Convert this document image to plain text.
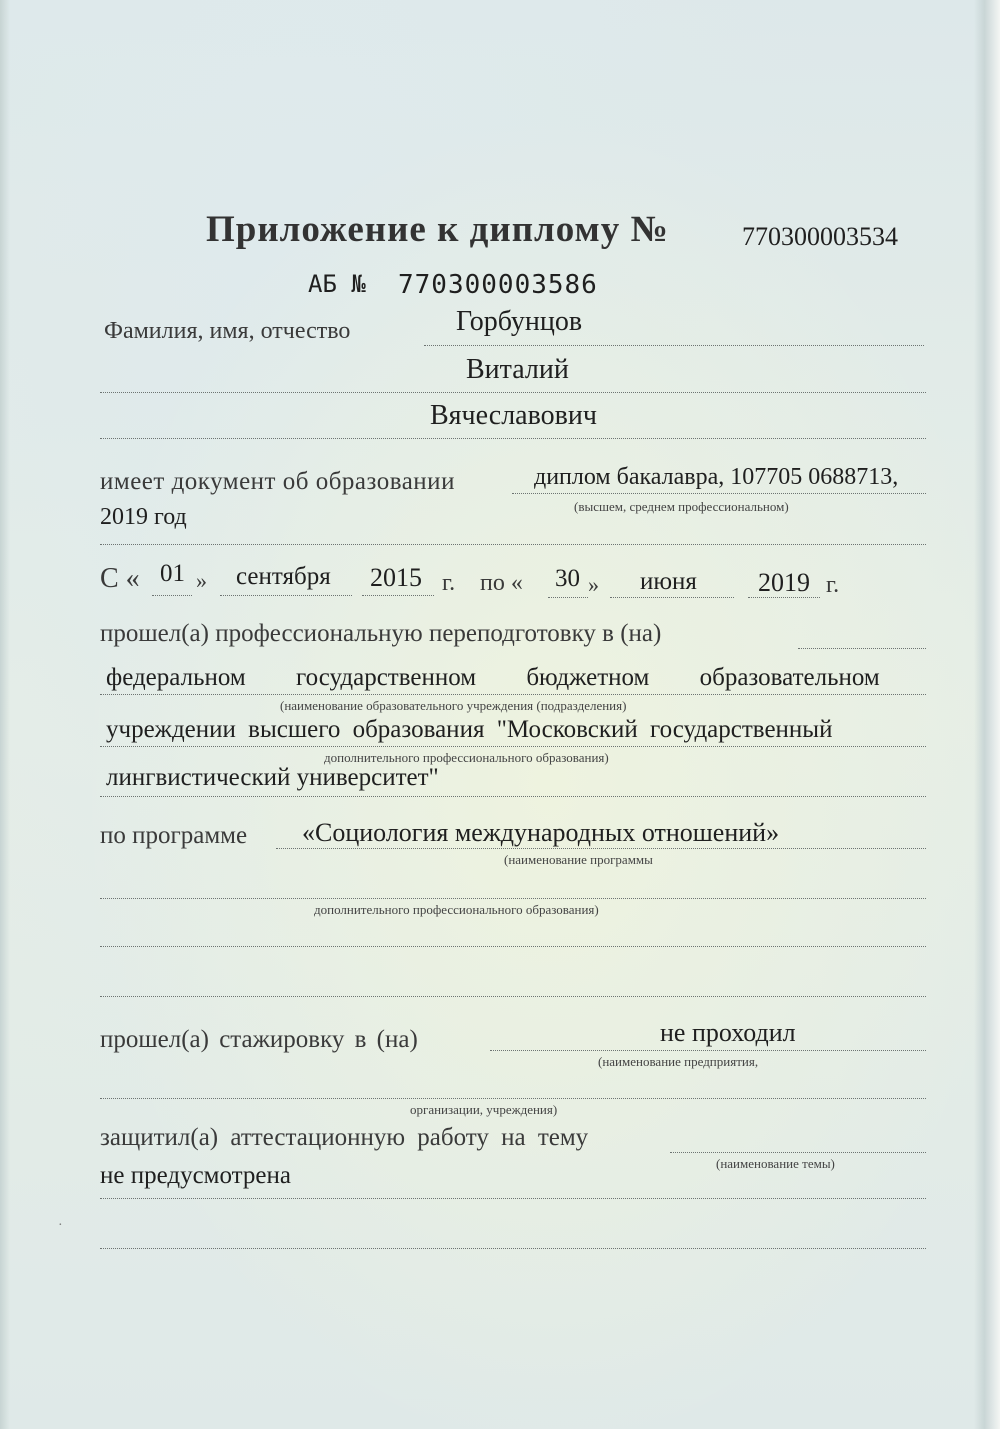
Приложение к диплому №	770300003534
АБ № 770300003586
Фамилия, имя, отчество	Горбунцов
Виталий
Вячеславович
имеет документ об образовании	диплом бакалавра, 107705 0688713,
(высшем, среднем профессиональном)
2019 год
С « 01 » сентября 2015 г. по « 30 » июня 2019 г.
прошел(а) профессиональную переподготовку в (на)
федеральном государственном бюджетном образовательном
(наименование образовательного учреждения (подразделения)
учреждении высшего образования "Московский государственный
дополнительного профессионального образования)
лингвистический университет"
по программе «Социология международных отношений»
(наименование программы
дополнительного профессионального образования)
прошел(а) стажировку в (на)	не проходил
(наименование предприятия,
организации, учреждения)
защитил(а) аттестационную работу на тему
(наименование темы)
не предусмотрена
·
